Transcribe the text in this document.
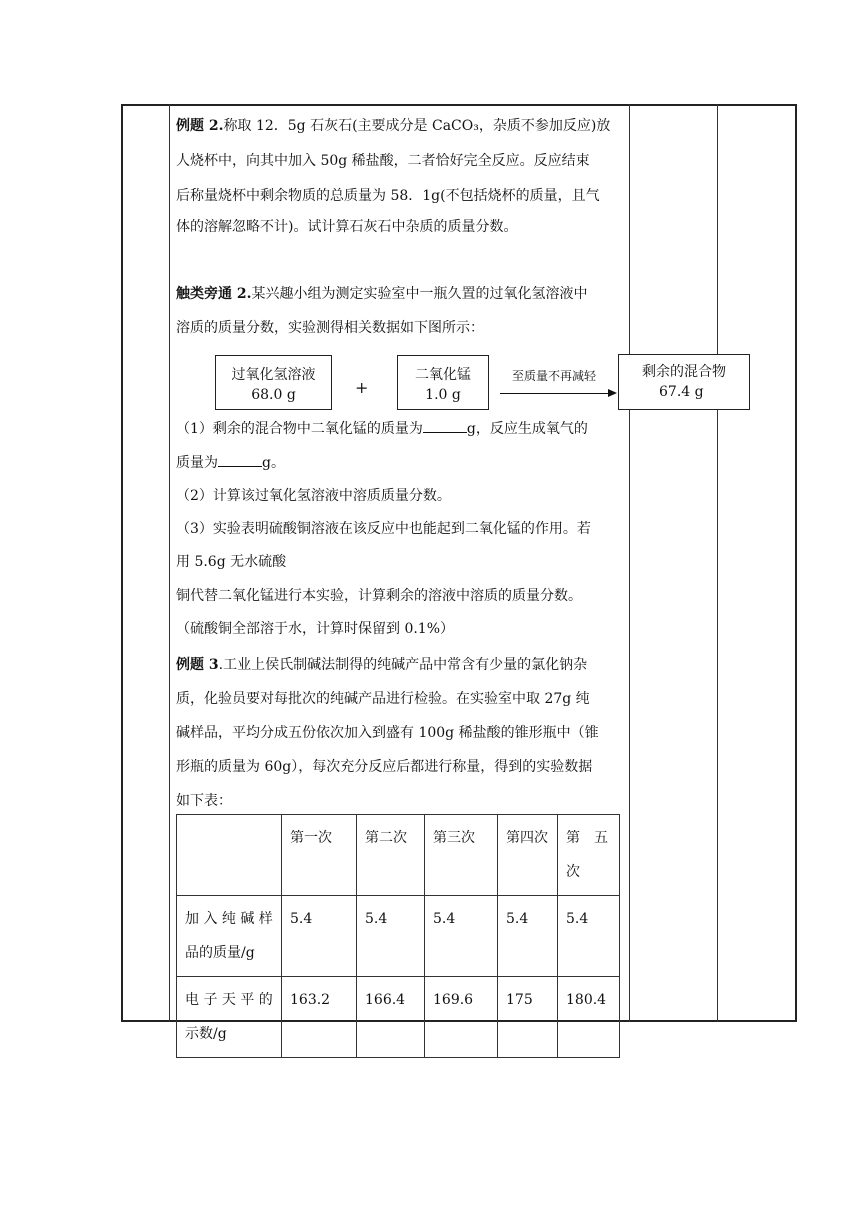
例题 2.称取 12．5g 石灰石(主要成分是 CaCO₃，杂质不参加反应)放
人烧杯中，向其中加入 50g 稀盐酸，二者恰好完全反应。反应结束
后称量烧杯中剩余物质的总质量为 58．1g(不包括烧杯的质量，且气
体的溶解忽略不计)。试计算石灰石中杂质的质量分数。
触类旁通 2.某兴趣小组为测定实验室中一瓶久置的过氧化氢溶液中
溶质的质量分数，实验测得相关数据如下图所示：
（1）剩余的混合物中二氧化锰的质量为	g，反应生成氧气的
质量为	g。
（2）计算该过氧化氢溶液中溶质质量分数。
（3）实验表明硫酸铜溶液在该反应中也能起到二氧化锰的作用。若
用 5.6g 无水硫酸
铜代替二氧化锰进行本实验，计算剩余的溶液中溶质的质量分数。
（硫酸铜全部溶于水，计算时保留到 0.1%）
例题 3.工业上侯氏制碱法制得的纯碱产品中常含有少量的氯化钠杂
质，化验员要对每批次的纯碱产品进行检验。在实验室中取 27g 纯
碱样品，平均分成五份依次加入到盛有 100g 稀盐酸的锥形瓶中（锥
形瓶的质量为 60g），每次充分反应后都进行称量，得到的实验数据
如下表：
过氧化氢溶液
68.0 g	+
二氧化锰
1.0 g
至质量不再减轻	剩余的混合物
67.4 g
	第一次	第二次	第三次	第四次	第　五次
加 入 纯 碱 样 品的质量/g	5.4	5.4	5.4	5.4	5.4
电 子 天 平 的 示数/g	163.2	166.4	169.6	175	180.4
